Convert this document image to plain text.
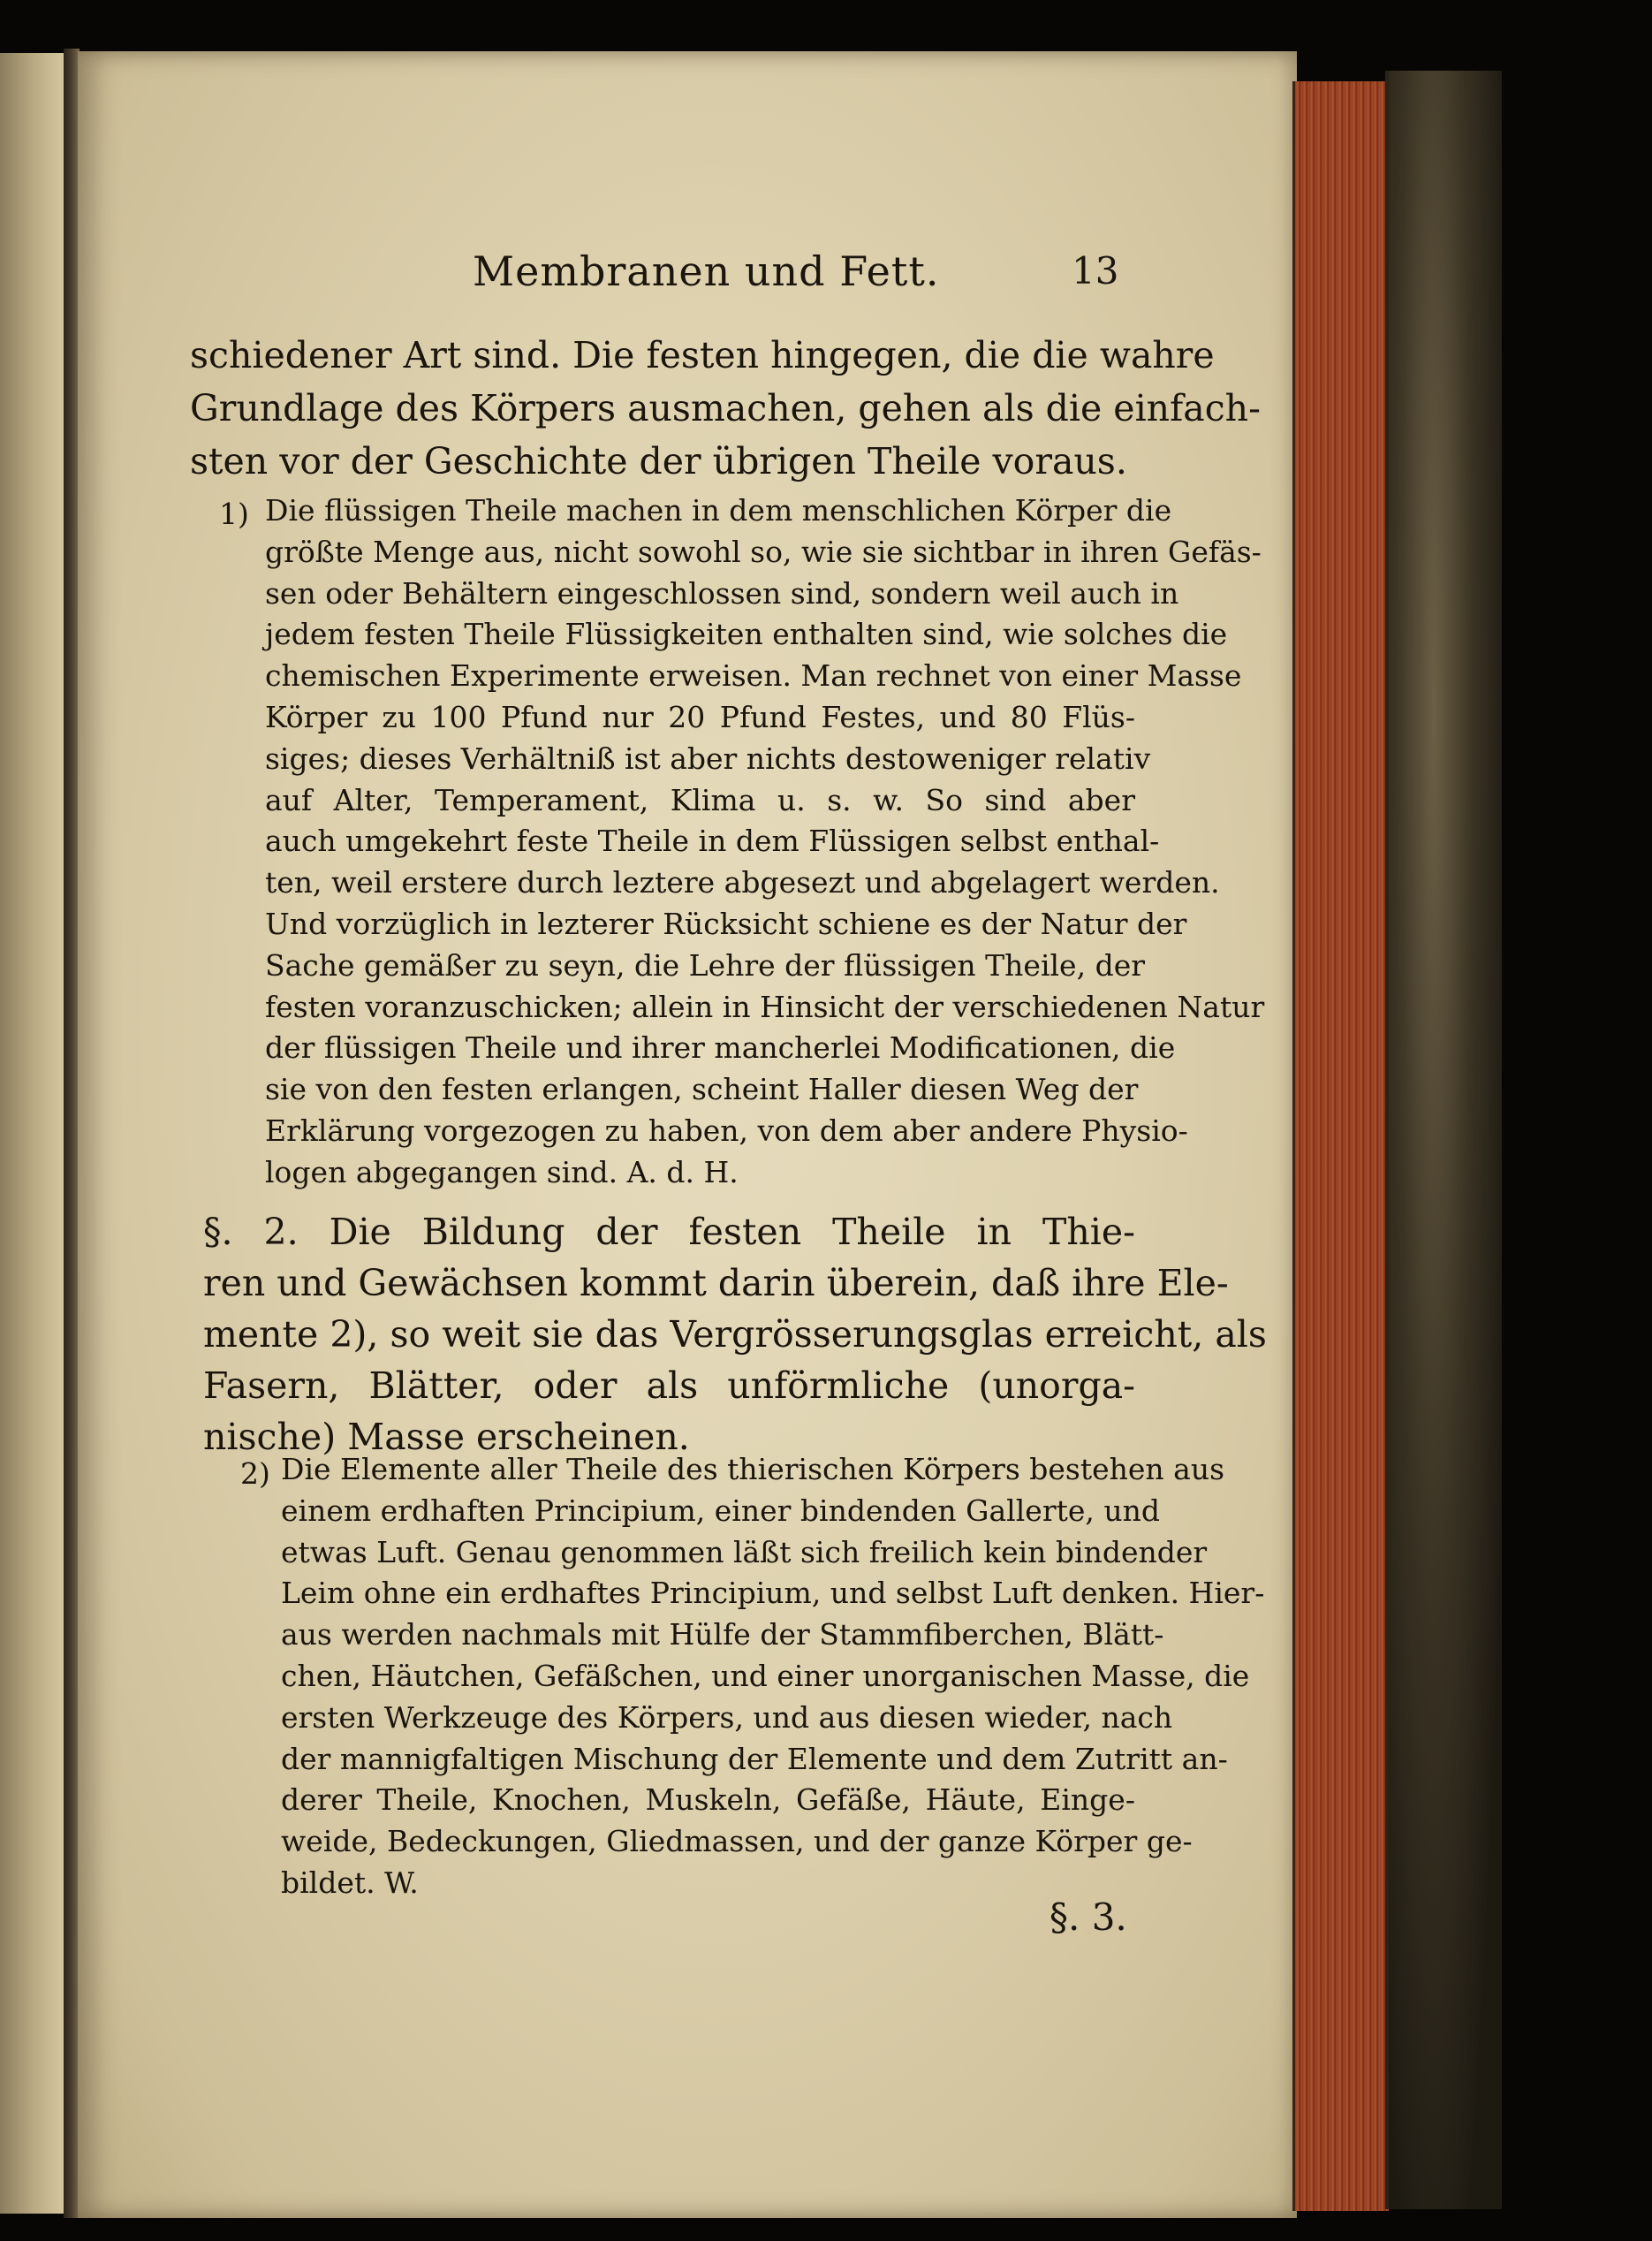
Membranen und Fett.	13
schiedener Art sind. Die festen hingegen, die die wahre
Grundlage des Körpers ausmachen, gehen als die einfach-
sten vor der Geschichte der übrigen Theile voraus.
1) Die flüssigen Theile machen in dem menschlichen Körper die
größte Menge aus, nicht sowohl so, wie sie sichtbar in ihren Gefäs-
sen oder Behältern eingeschlossen sind, sondern weil auch in
jedem festen Theile Flüssigkeiten enthalten sind, wie solches die
chemischen Experimente erweisen. Man rechnet von einer Masse
Körper zu 100 Pfund nur 20 Pfund Festes, und 80 Flüs-
siges; dieses Verhältniß ist aber nichts destoweniger relativ
auf Alter, Temperament, Klima u. s. w. So sind aber
auch umgekehrt feste Theile in dem Flüssigen selbst enthal-
ten, weil erstere durch leztere abgesezt und abgelagert werden.
Und vorzüglich in lezterer Rücksicht schiene es der Natur der
Sache gemäßer zu seyn, die Lehre der flüssigen Theile, der
festen voranzuschicken; allein in Hinsicht der verschiedenen Natur
der flüssigen Theile und ihrer mancherlei Modificationen, die
sie von den festen erlangen, scheint Haller diesen Weg der
Erklärung vorgezogen zu haben, von dem aber andere Physio-
logen abgegangen sind. A. d. H.
§. 2. Die Bildung der festen Theile in Thie-
ren und Gewächsen kommt darin überein, daß ihre Ele-
mente 2), so weit sie das Vergrösserungsglas erreicht, als
Fasern, Blätter, oder als unförmliche (unorga-
nische) Masse erscheinen.
2) Die Elemente aller Theile des thierischen Körpers bestehen aus
einem erdhaften Principium, einer bindenden Gallerte, und
etwas Luft. Genau genommen läßt sich freilich kein bindender
Leim ohne ein erdhaftes Principium, und selbst Luft denken. Hier-
aus werden nachmals mit Hülfe der Stammfiberchen, Blätt-
chen, Häutchen, Gefäßchen, und einer unorganischen Masse, die
ersten Werkzeuge des Körpers, und aus diesen wieder, nach
der mannigfaltigen Mischung der Elemente und dem Zutritt an-
derer Theile, Knochen, Muskeln, Gefäße, Häute, Einge-
weide, Bedeckungen, Gliedmassen, und der ganze Körper ge-
bildet. W.
§. 3.
